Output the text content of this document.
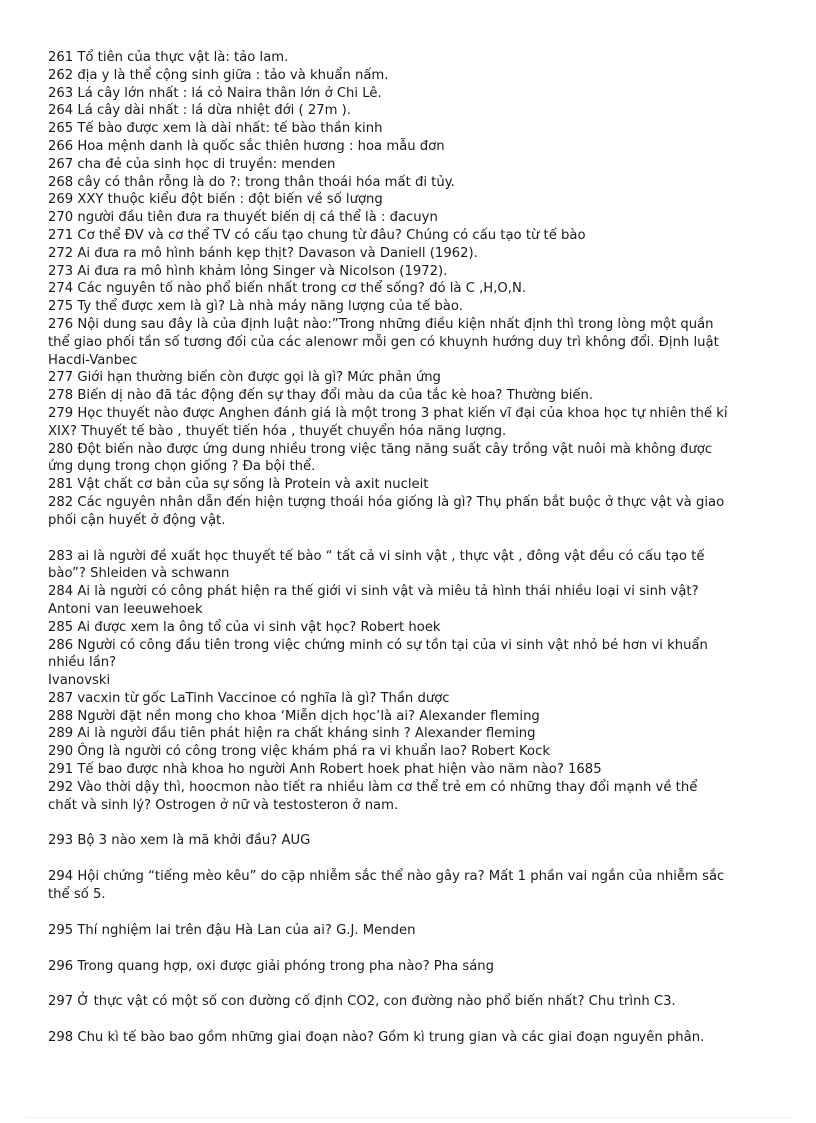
261 Tổ tiên của thực vật là: tảo lam.
262 địa y là thể cộng sinh giữa : tảo và khuẩn nấm.
263 Lá cây lớn nhất : lá cỏ Naira thân lớn ở Chi Lê.
264 Lá cây dài nhất : lá dừa nhiệt đới ( 27m ).
265 Tế bào được xem là dài nhất: tế bào thần kinh
266 Hoa mệnh danh là quốc sắc thiên hương : hoa mẫu đơn
267 cha đẻ của sinh học di truyền: menden
268 cây có thân rỗng là do ?: trong thân thoái hóa mất đi tủy.
269 XXY thuộc kiểu đột biến : đột biến về số lượng
270 người đầu tiên đưa ra thuyết biến dị cá thể là : đacuyn
271 Cơ thể ĐV và cơ thể TV có cấu tạo chung từ đâu? Chúng có cấu tạo từ tế bào
272 Ai đưa ra mô hình bánh kẹp thịt? Davason và Daniell (1962).
273 Ai đưa ra mô hình khảm lỏng Singer và Nicolson (1972).
274 Các nguyên tố nào phổ biến nhất trong cơ thể sống? đó là C ,H,O,N.
275 Ty thể được xem là gì? Là nhà máy năng lượng của tế bào.
276 Nội dung sau đây là của định luật nào:”Trong những điều kiện nhất định thì trong lòng một quần
thể giao phối tần số tương đối của các alenowr mỗi gen có khuynh hướng duy trì không đổi. Định luật
Hacdi-Vanbec
277 Giới hạn thường biến còn được gọi là gì? Mức phản ứng
278 Biến dị nào đã tác động đến sự thay đổi màu da của tắc kè hoa? Thường biến.
279 Học thuyết nào được Anghen đánh giá là một trong 3 phat kiến vĩ đại của khoa học tự nhiên thế kỉ
XIX? Thuyết tế bào , thuyết tiến hóa , thuyết chuyển hóa năng lượng.
280 Đột biến nào được ứng dung nhiều trong việc tăng năng suất cây trồng vật nuôi mà không được
ứng dụng trong chọn giống ? Đa bội thể.
281 Vật chất cơ bản của sự sống là Protein và axit nucleit
282 Các nguyên nhân dẫn đến hiện tượng thoái hóa giống là gì? Thụ phấn bắt buộc ở thực vật và giao
phối cận huyết ở động vật.
283 ai là người đề xuất học thuyết tế bào “ tất cả vi sinh vật , thực vật , đông vật đều có cấu tạo tế
bào”? Shleiden và schwann
284 Ai là người có công phát hiện ra thế giới vi sinh vật và miêu tả hình thái nhiều loại vi sinh vật?
Antoni van leeuwehoek
285 Ai được xem la ông tổ của vi sinh vật học? Robert hoek
286 Người có công đầu tiên trong việc chứng minh có sự tồn tại của vi sinh vật nhỏ bé hơn vi khuẩn
nhiều lần?
Ivanovski
287 vacxin từ gốc LaTinh Vaccinoe có nghĩa là gì? Thần dược
288 Người đặt nền mong cho khoa ‘Miễn dịch học’là ai? Alexander fleming
289 Ai là người đầu tiên phát hiện ra chất kháng sinh ? Alexander fleming
290 Ông là người có công trong việc khám phá ra vi khuẩn lao? Robert Kock
291 Tế bao được nhà khoa ho người Anh Robert hoek phat hiện vào năm nào? 1685
292 Vào thời dậy thì, hoocmon nào tiết ra nhiều làm cơ thể trẻ em có những thay đổi mạnh về thể
chất và sinh lý? Ostrogen ở nữ và testosteron ở nam.
293 Bộ 3 nào xem là mã khởi đầu? AUG
294 Hội chứng “tiếng mèo kêu” do cặp nhiễm sắc thể nào gây ra? Mất 1 phần vai ngắn của nhiễm sắc
thể số 5.
295 Thí nghiệm lai trên đậu Hà Lan của ai? G.J. Menden
296 Trong quang hợp, oxi được giải phóng trong pha nào? Pha sáng
297 Ở thực vật có một số con đường cố định CO2, con đường nào phổ biến nhất? Chu trình C3.
298 Chu kì tế bào bao gồm những giai đoạn nào? Gồm kì trung gian và các giai đoạn nguyên phân.
